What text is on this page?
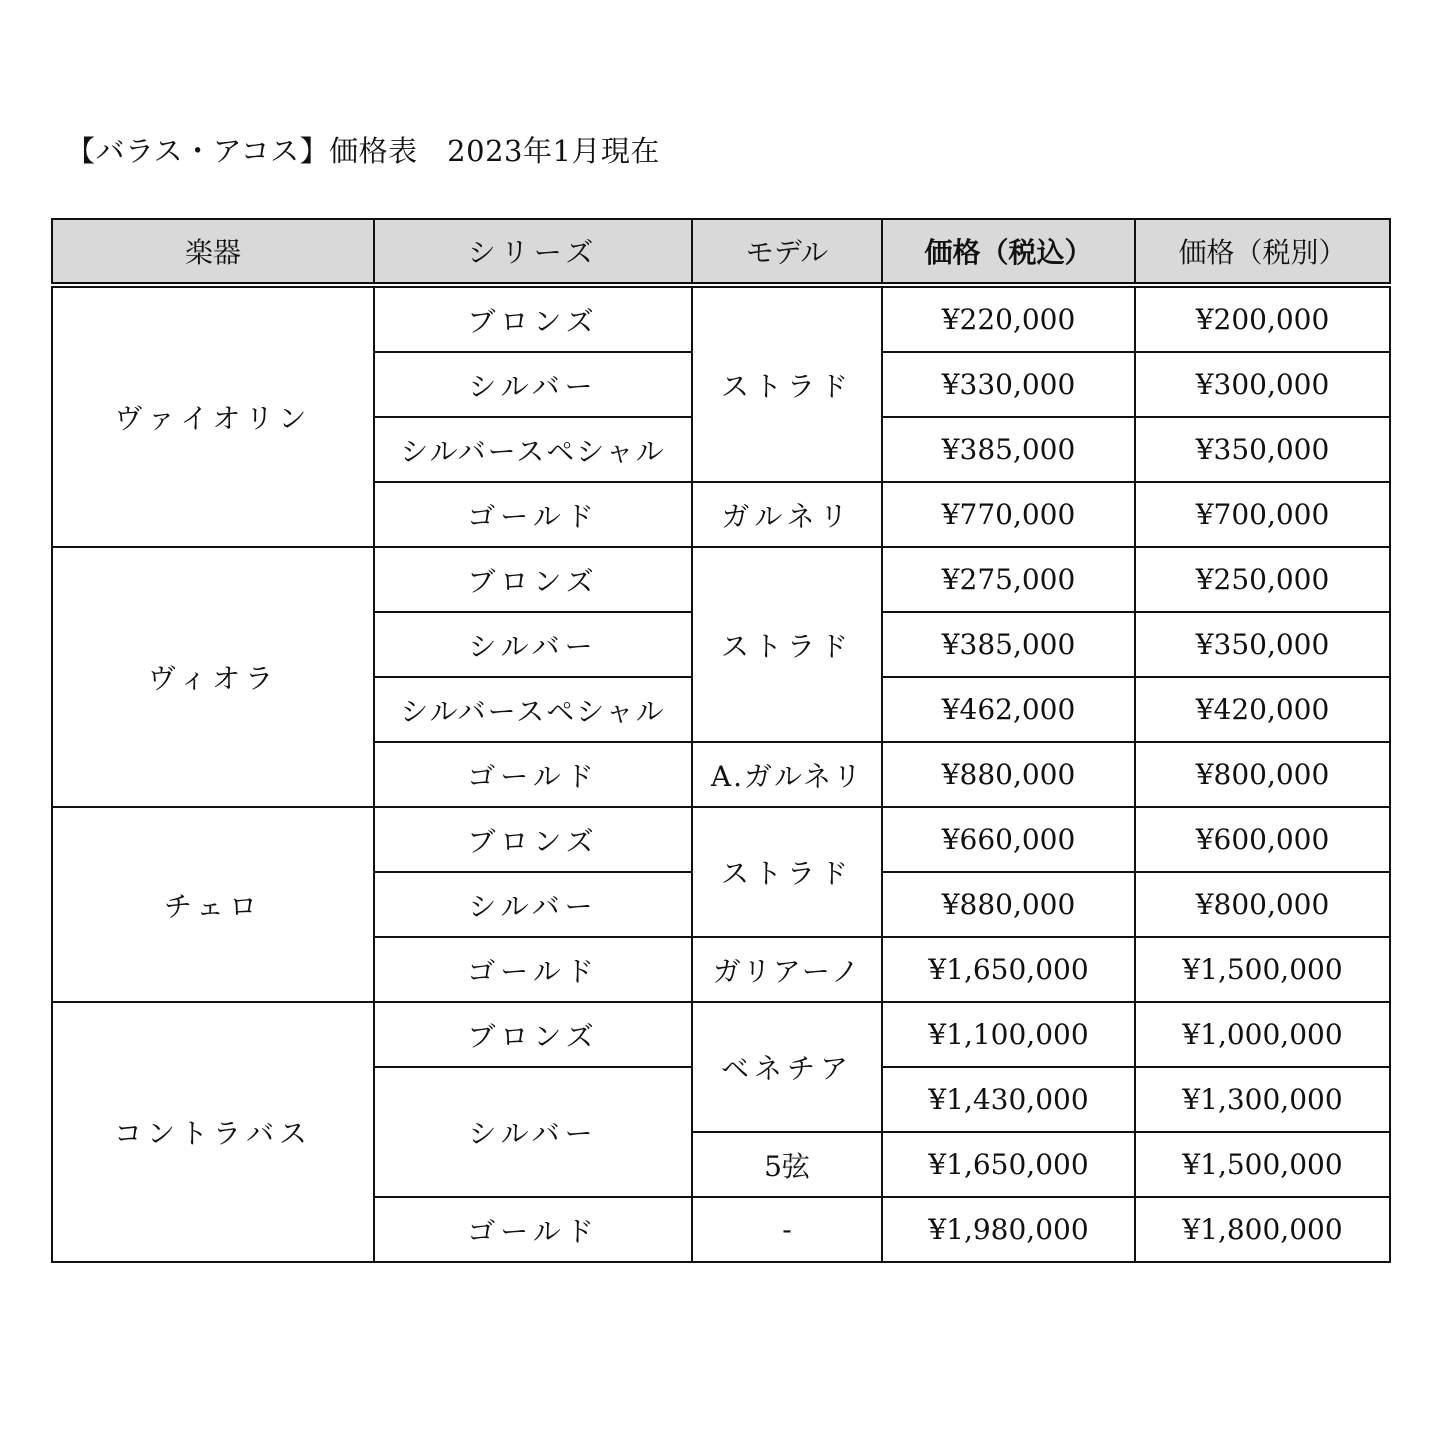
【バラス・アコス】価格表　2023年1月現在
楽器	シリーズ	モデル	価格（税込）	価格（税別）
ヴァイオリン	ブロンズ	ストラド	¥220,000	¥200,000
	シルバー		¥330,000	¥300,000
	シルバースペシャル		¥385,000	¥350,000
	ゴールド	ガルネリ	¥770,000	¥700,000
ヴィオラ	ブロンズ	ストラド	¥275,000	¥250,000
	シルバー		¥385,000	¥350,000
	シルバースペシャル		¥462,000	¥420,000
	ゴールド	A.ガルネリ	¥880,000	¥800,000
チェロ	ブロンズ	ストラド	¥660,000	¥600,000
	シルバー		¥880,000	¥800,000
	ゴールド	ガリアーノ	¥1,650,000	¥1,500,000
コントラバス	ブロンズ	ベネチア	¥1,100,000	¥1,000,000
	シルバー		¥1,430,000	¥1,300,000
		5弦	¥1,650,000	¥1,500,000
	ゴールド	-	¥1,980,000	¥1,800,000
